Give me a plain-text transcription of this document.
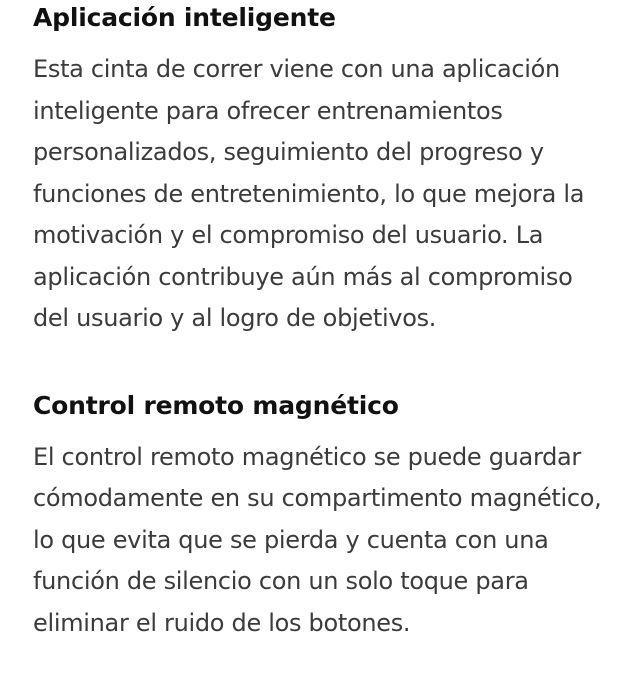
Aplicación inteligente

Esta cinta de correr viene con una aplicación inteligente para ofrecer entrenamientos personalizados, seguimiento del progreso y funciones de entretenimiento, lo que mejora la motivación y el compromiso del usuario. La aplicación contribuye aún más al compromiso del usuario y al logro de objetivos.

Control remoto magnético

El control remoto magnético se puede guardar cómodamente en su compartimento magnético, lo que evita que se pierda y cuenta con una función de silencio con un solo toque para eliminar el ruido de los botones.
